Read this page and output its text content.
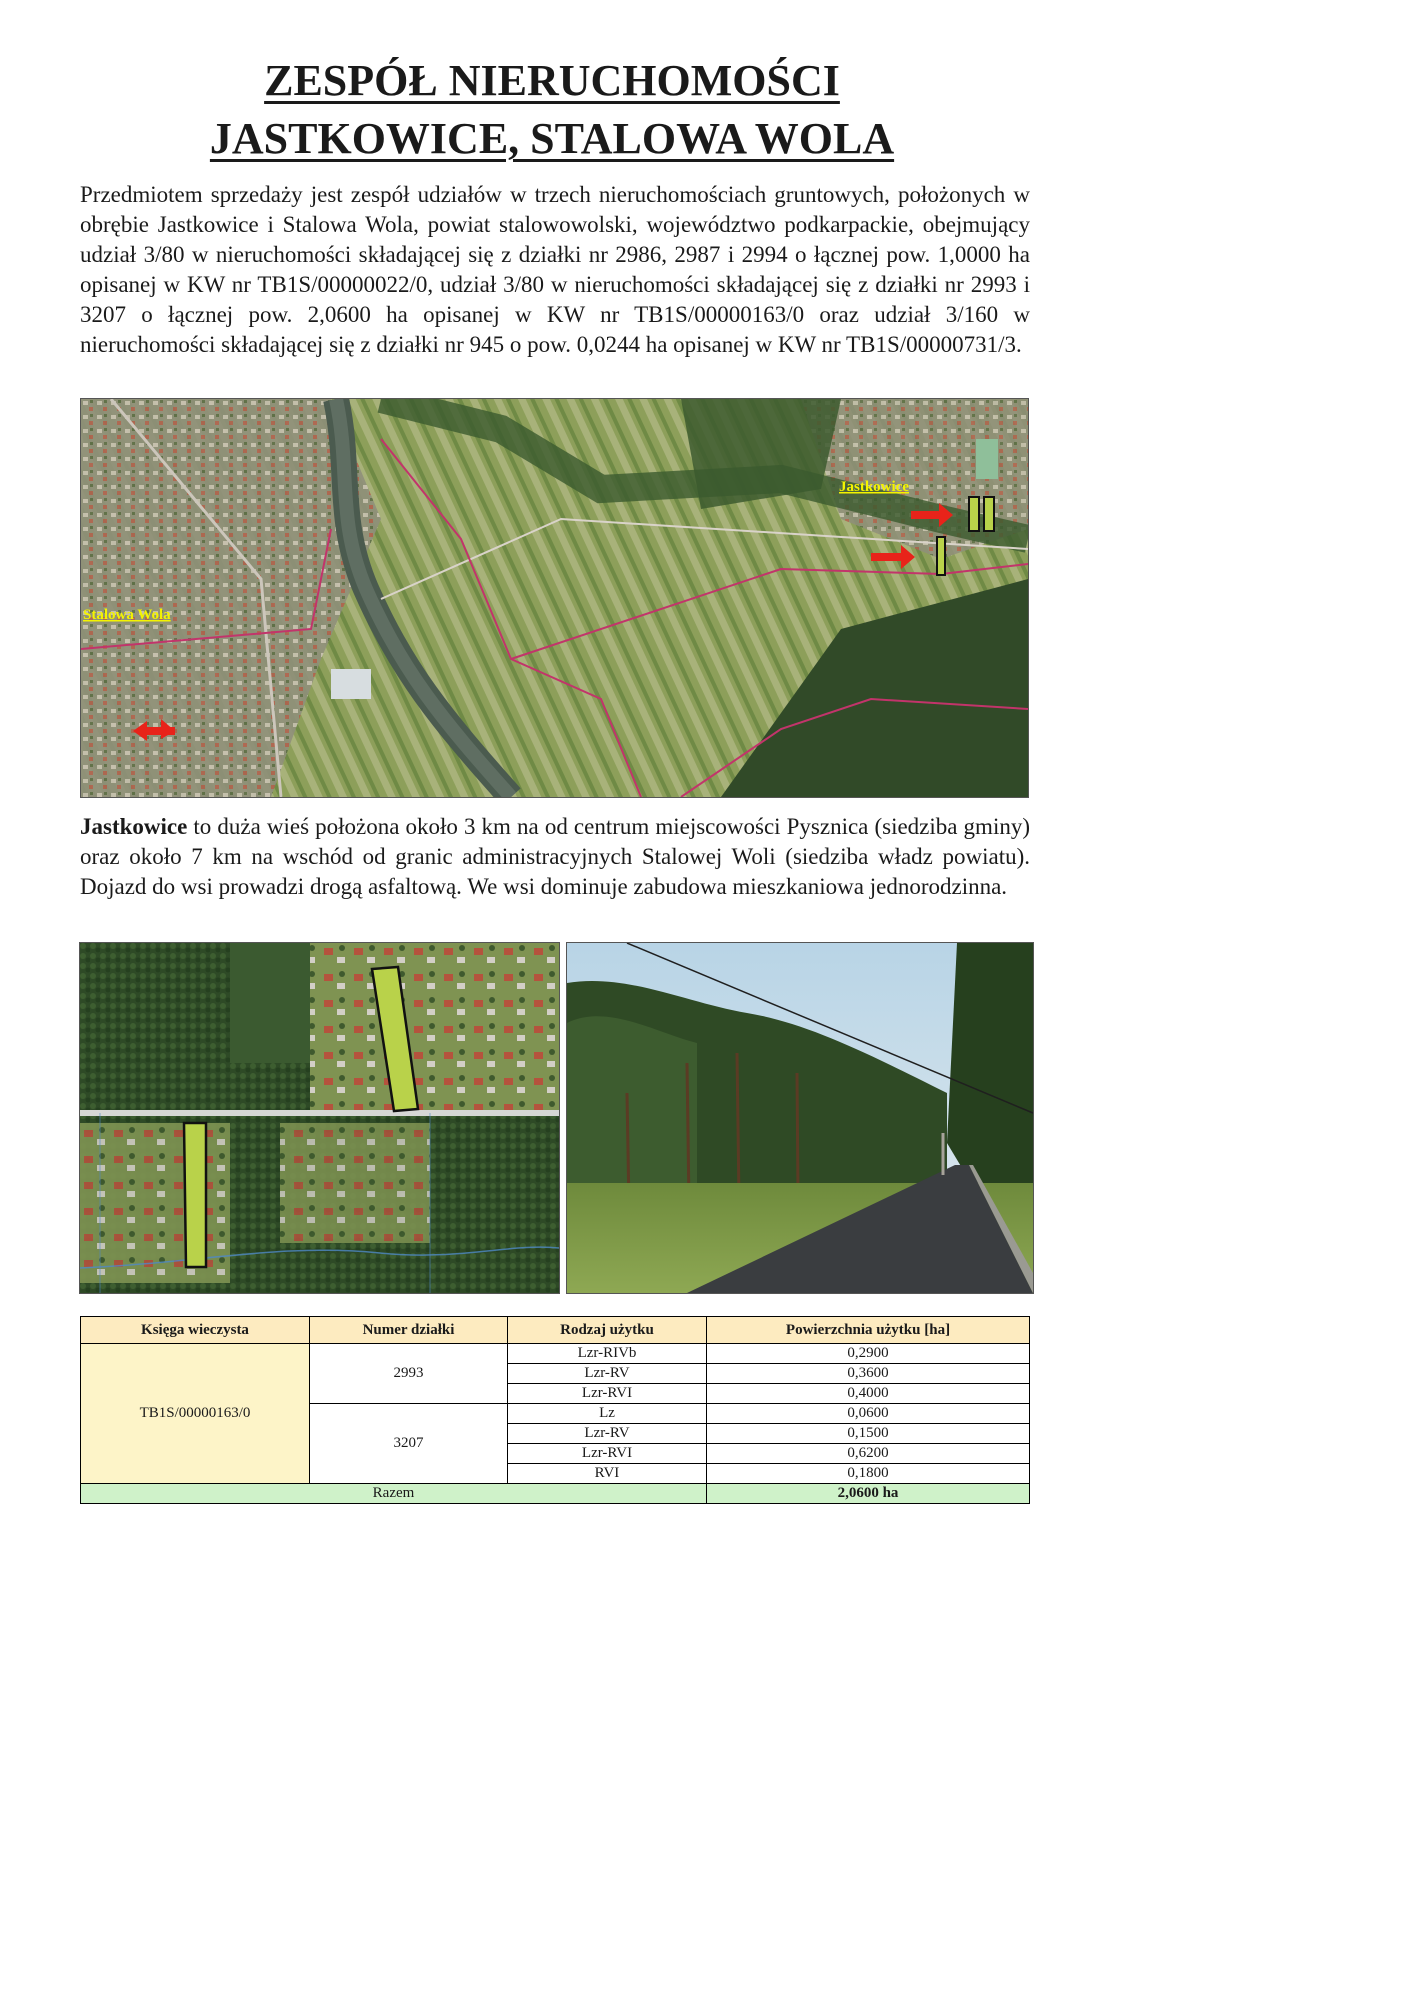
ZESPÓŁ NIERUCHOMOŚCI
JASTKOWICE, STALOWA WOLA

Przedmiotem sprzedaży jest zespół udziałów w trzech nieruchomościach gruntowych, położonych w obrębie Jastkowice i Stalowa Wola, powiat stalowowolski, województwo podkarpackie, obejmujący udział 3/80 w nieruchomości składającej się z działki nr 2986, 2987 i 2994 o łącznej pow. 1,0000 ha opisanej w KW nr TB1S/00000022/0, udział 3/80 w nieruchomości składającej się z działki nr 2993 i 3207 o łącznej pow. 2,0600 ha opisanej w KW nr TB1S/00000163/0 oraz udział 3/160 w nieruchomości składającej się z działki nr 945 o pow. 0,0244 ha opisanej w KW nr TB1S/00000731/3.

Jastkowice
Stalowa Wola

Jastkowice to duża wieś położona około 3 km na od centrum miejscowości Pysznica (siedziba gminy) oraz około 7 km na wschód od granic administracyjnych Stalowej Woli (siedziba władz powiatu). Dojazd do wsi prowadzi drogą asfaltową. We wsi dominuje zabudowa mieszkaniowa jednorodzinna.

Księga wieczysta	Numer działki	Rodzaj użytku	Powierzchnia użytku [ha]
TB1S/00000163/0	2993	Lzr-RIVb	0,2900
		Lzr-RV	0,3600
		Lzr-RVI	0,4000
	3207	Lz	0,0600
		Lzr-RV	0,1500
		Lzr-RVI	0,6200
		RVI	0,1800
Razem			2,0600 ha
